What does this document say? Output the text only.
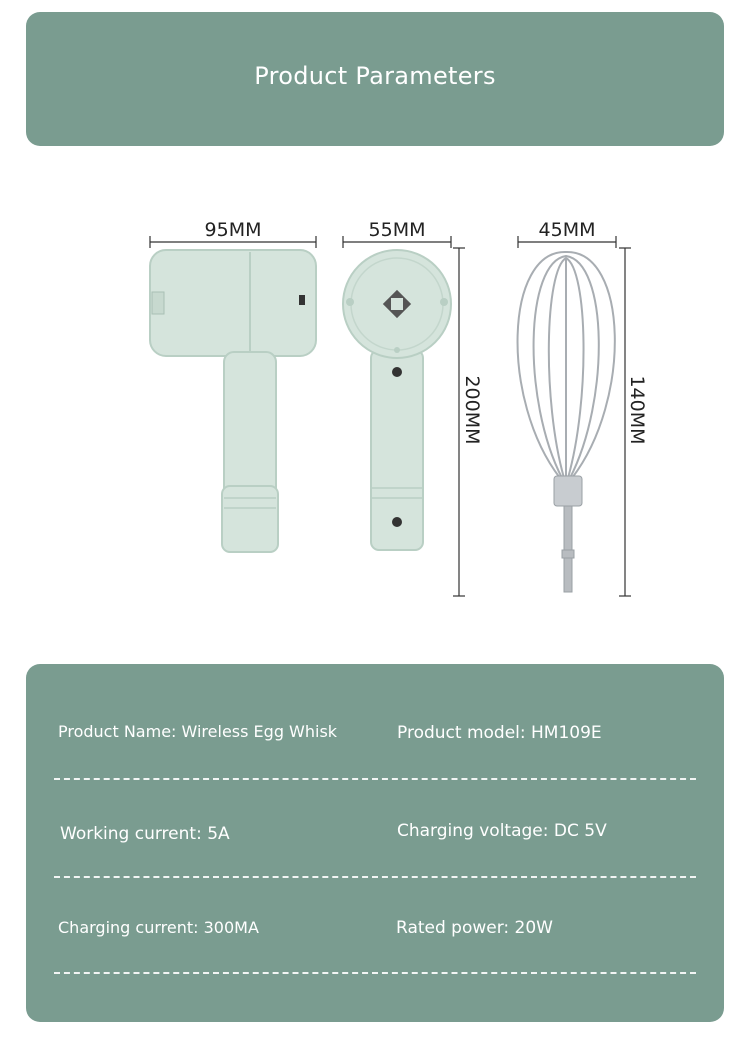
Product Parameters
95MM	55MM	45MM
200MM	140MM
Product Name: Wireless Egg Whisk	Product model: HM109E
Working current: 5A	Charging voltage: DC 5V
Charging current: 300MA	Rated power: 20W
